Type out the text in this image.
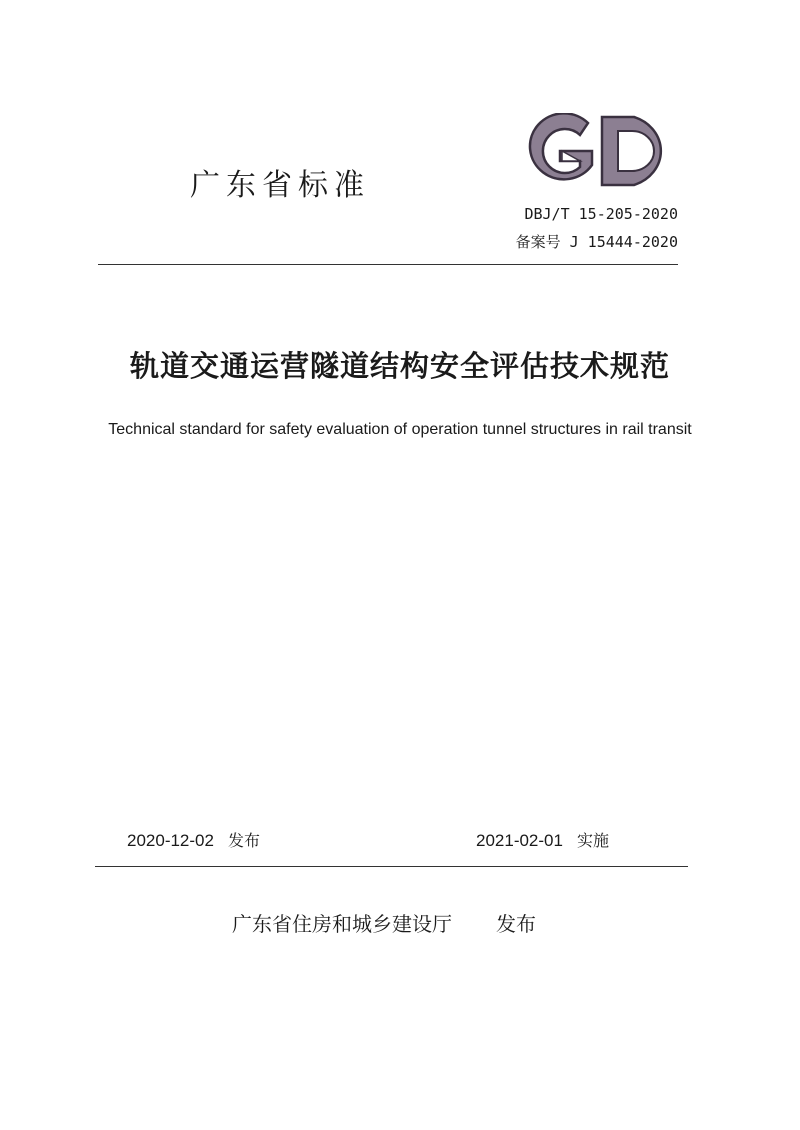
广东省标准
DBJ/T 15-205-2020
备案号 J 15444-2020
轨道交通运营隧道结构安全评估技术规范
Technical standard for safety evaluation of operation tunnel structures in rail transit
2020-12-02 发布	2021-02-01 实施
广东省住房和城乡建设厅 发布
